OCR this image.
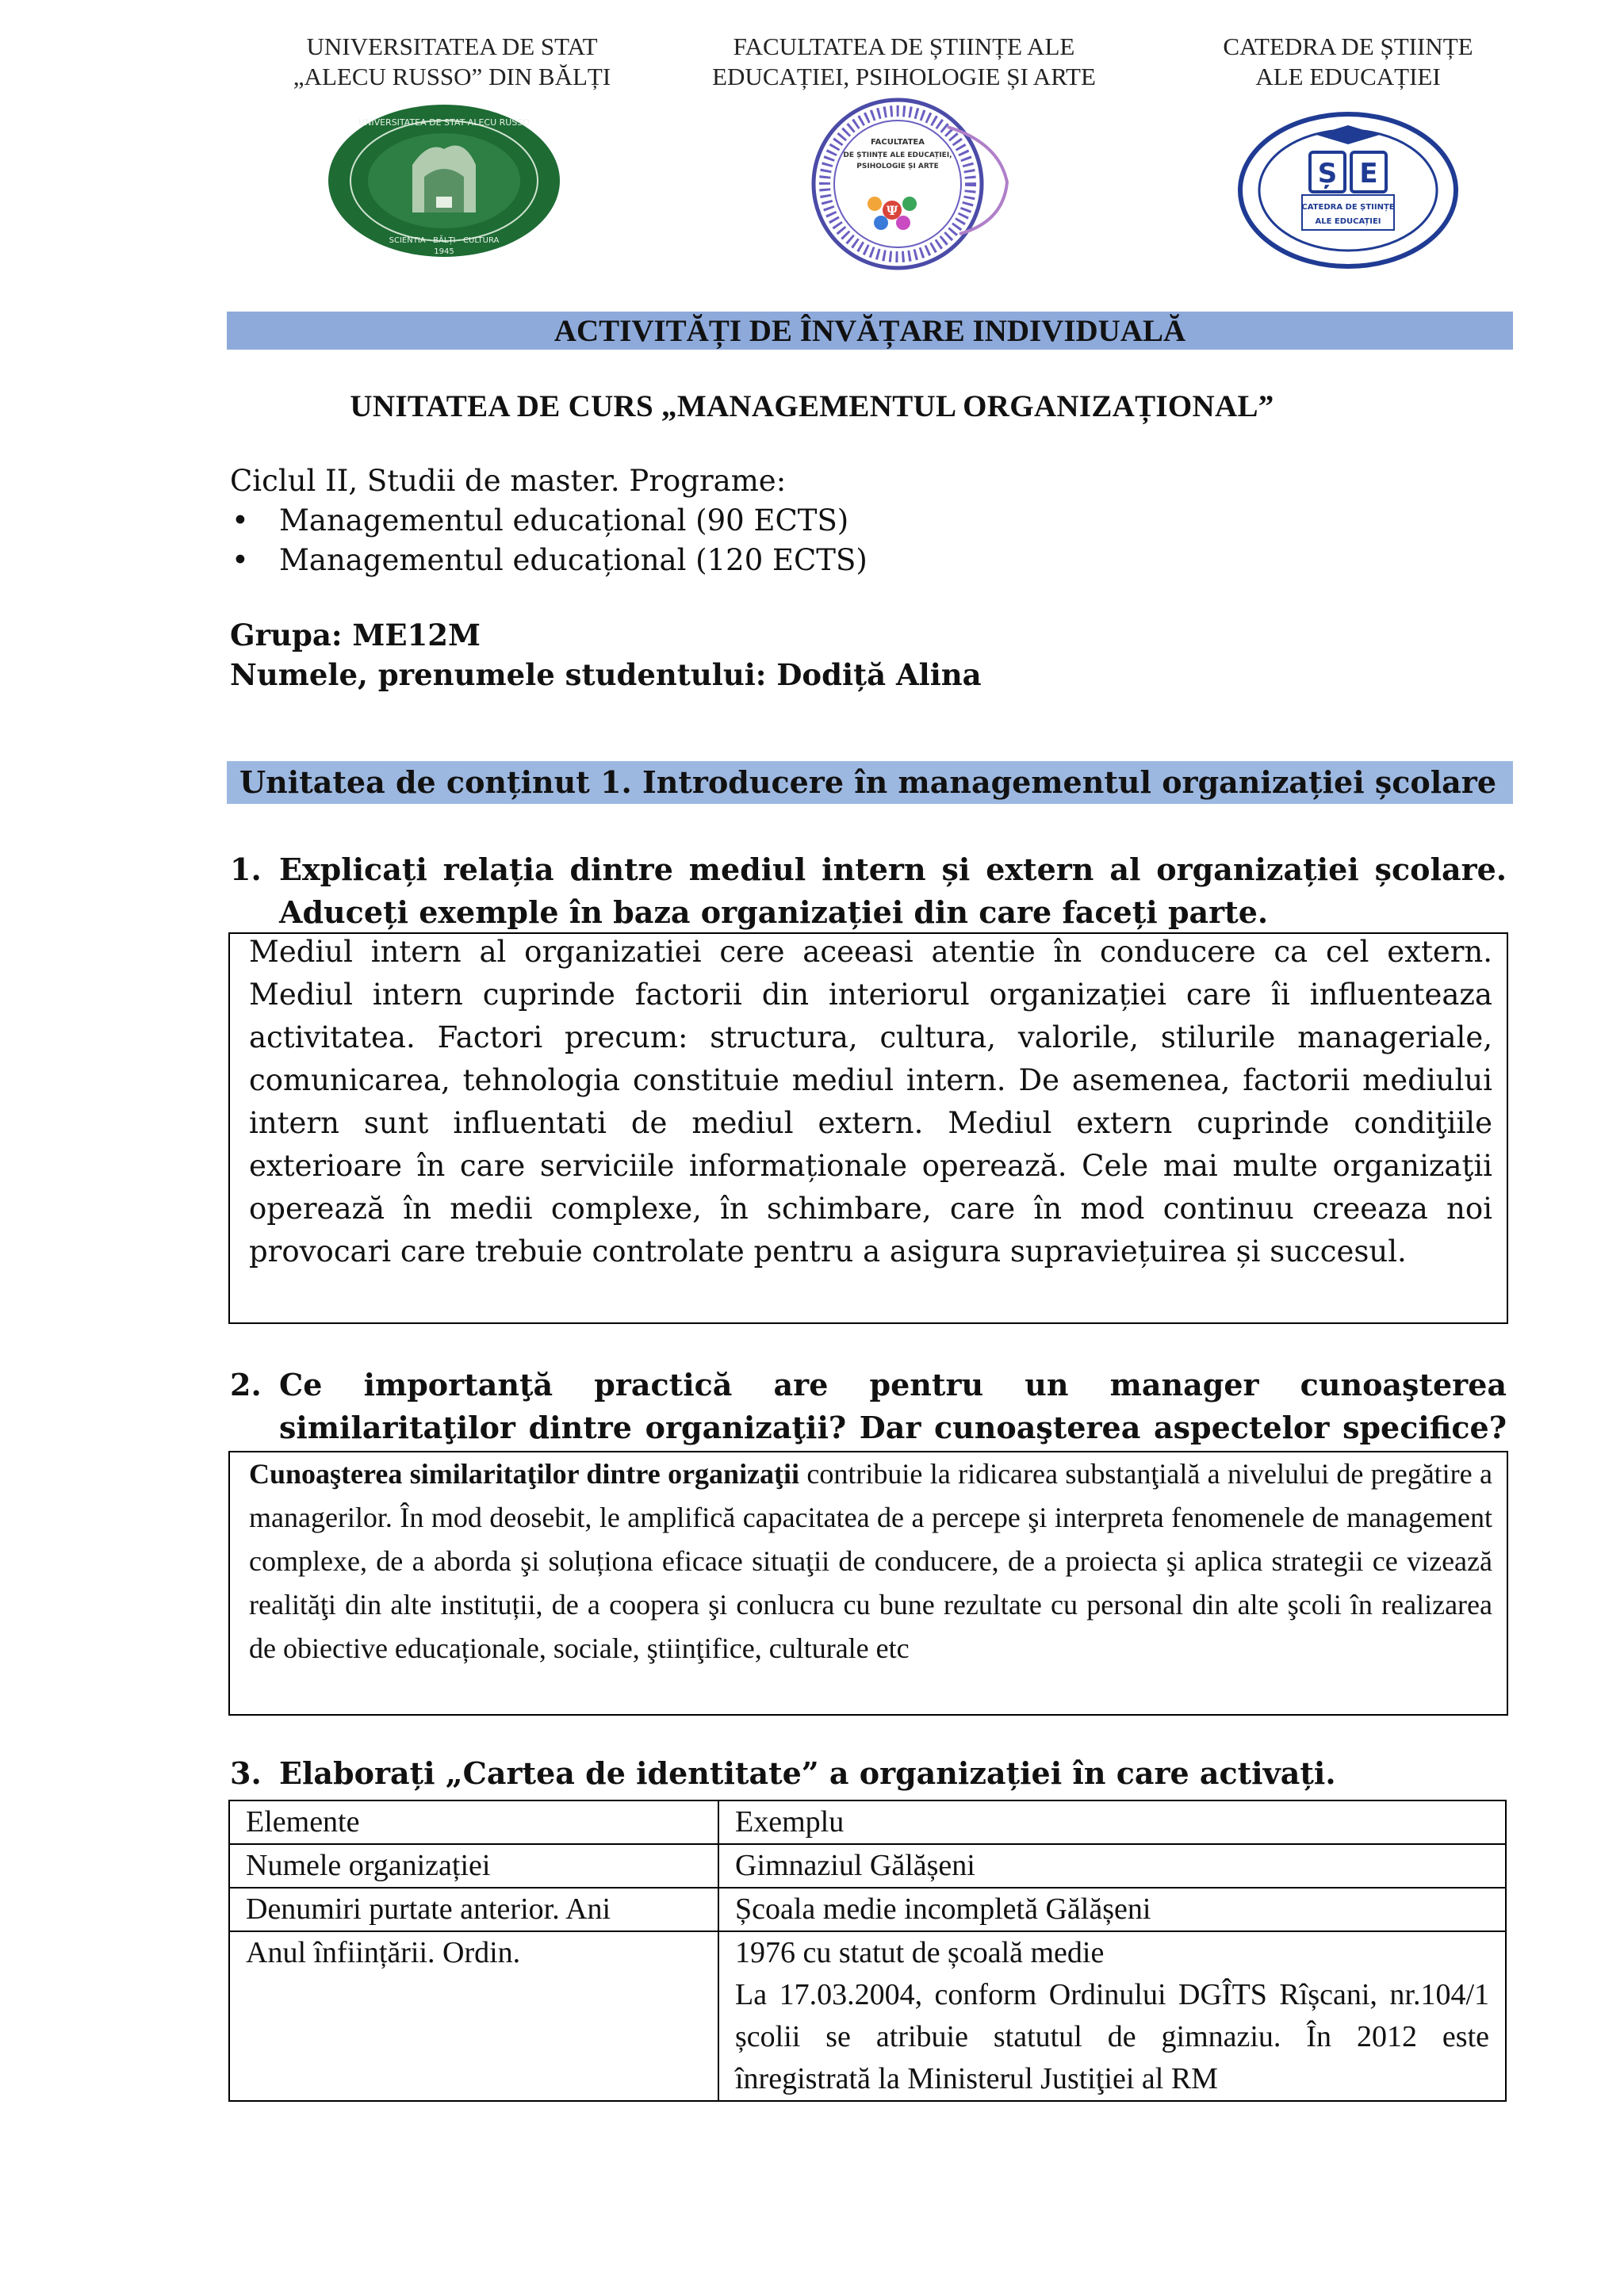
UNIVERSITATEA DE STAT
„ALECU RUSSO” DIN BĂLȚI
FACULTATEA DE ȘTIINȚE ALE
EDUCAȚIEI, PSIHOLOGIE ȘI ARTE
CATEDRA DE ȘTIINȚE
ALE EDUCAȚIEI
UNIVERSITATEA DE STAT ALECU RUSSO
SCIENTIA · BĂLȚI · CULTURA
1945
FACULTATEA
DE ȘTIINȚE ALE EDUCAȚIEI,
PSIHOLOGIE ȘI ARTE
Ψ
Ș E
CATEDRA DE ȘTIINȚE
ALE EDUCAȚIEI
ACTIVITĂȚI DE ÎNVĂȚARE INDIVIDUALĂ
UNITATEA DE CURS „MANAGEMENTUL ORGANIZAȚIONAL”
Ciclul II, Studii de master. Programe:
• Managementul educațional (90 ECTS)
• Managementul educațional (120 ECTS)
Grupa: ME12M
Numele, prenumele studentului: Dodiță Alina
Unitatea de conținut 1. Introducere în managementul organizației școlare
1. Explicați relația dintre mediul intern și extern al organizației școlare. Aduceți exemple în baza organizației din care faceți parte.
Mediul intern al organizatiei cere aceeasi atentie în conducere ca cel extern. Mediul intern cuprinde factorii din interiorul organizației care îi influenteaza activitatea. Factori precum: structura, cultura, valorile, stilurile manageriale, comunicarea, tehnologia constituie mediul intern. De asemenea, factorii mediului intern sunt influentati de mediul extern. Mediul extern cuprinde condiţiile exterioare în care serviciile informaționale operează. Cele mai multe organizaţii operează în medii complexe, în schimbare, care în mod continuu creeaza noi provocari care trebuie controlate pentru a asigura supraviețuirea și succesul.
2. Ce importanţă practică are pentru un manager cunoaşterea similaritaţilor dintre organizaţii? Dar cunoaşterea aspectelor specifice?
Cunoaşterea similaritaţilor dintre organizaţii contribuie la ridicarea substanţială a nivelului de pregătire a managerilor. În mod deosebit, le amplifică capacitatea de a percepe şi interpreta fenomenele de management complexe, de a aborda şi soluționa eficace situaţii de conducere, de a proiecta şi aplica strategii ce vizează realităţi din alte instituții, de a coopera şi conlucra cu bune rezultate cu personal din alte şcoli în realizarea de obiective educaționale, sociale, ştiinţifice, culturale etc
3. Elaborați „Cartea de identitate” a organizației în care activați.
Elemente	Exemplu
Numele organizației	Gimnaziul Gălășeni
Denumiri purtate anterior. Ani	Școala medie incompletă Gălășeni
Anul înființării. Ordin.	1976 cu statut de școală medie
La 17.03.2004, conform Ordinului DGÎTS Rîșcani, nr.104/1 școlii se atribuie statutul de gimnaziu. În 2012 este înregistrată la Ministerul Justiţiei al RM
